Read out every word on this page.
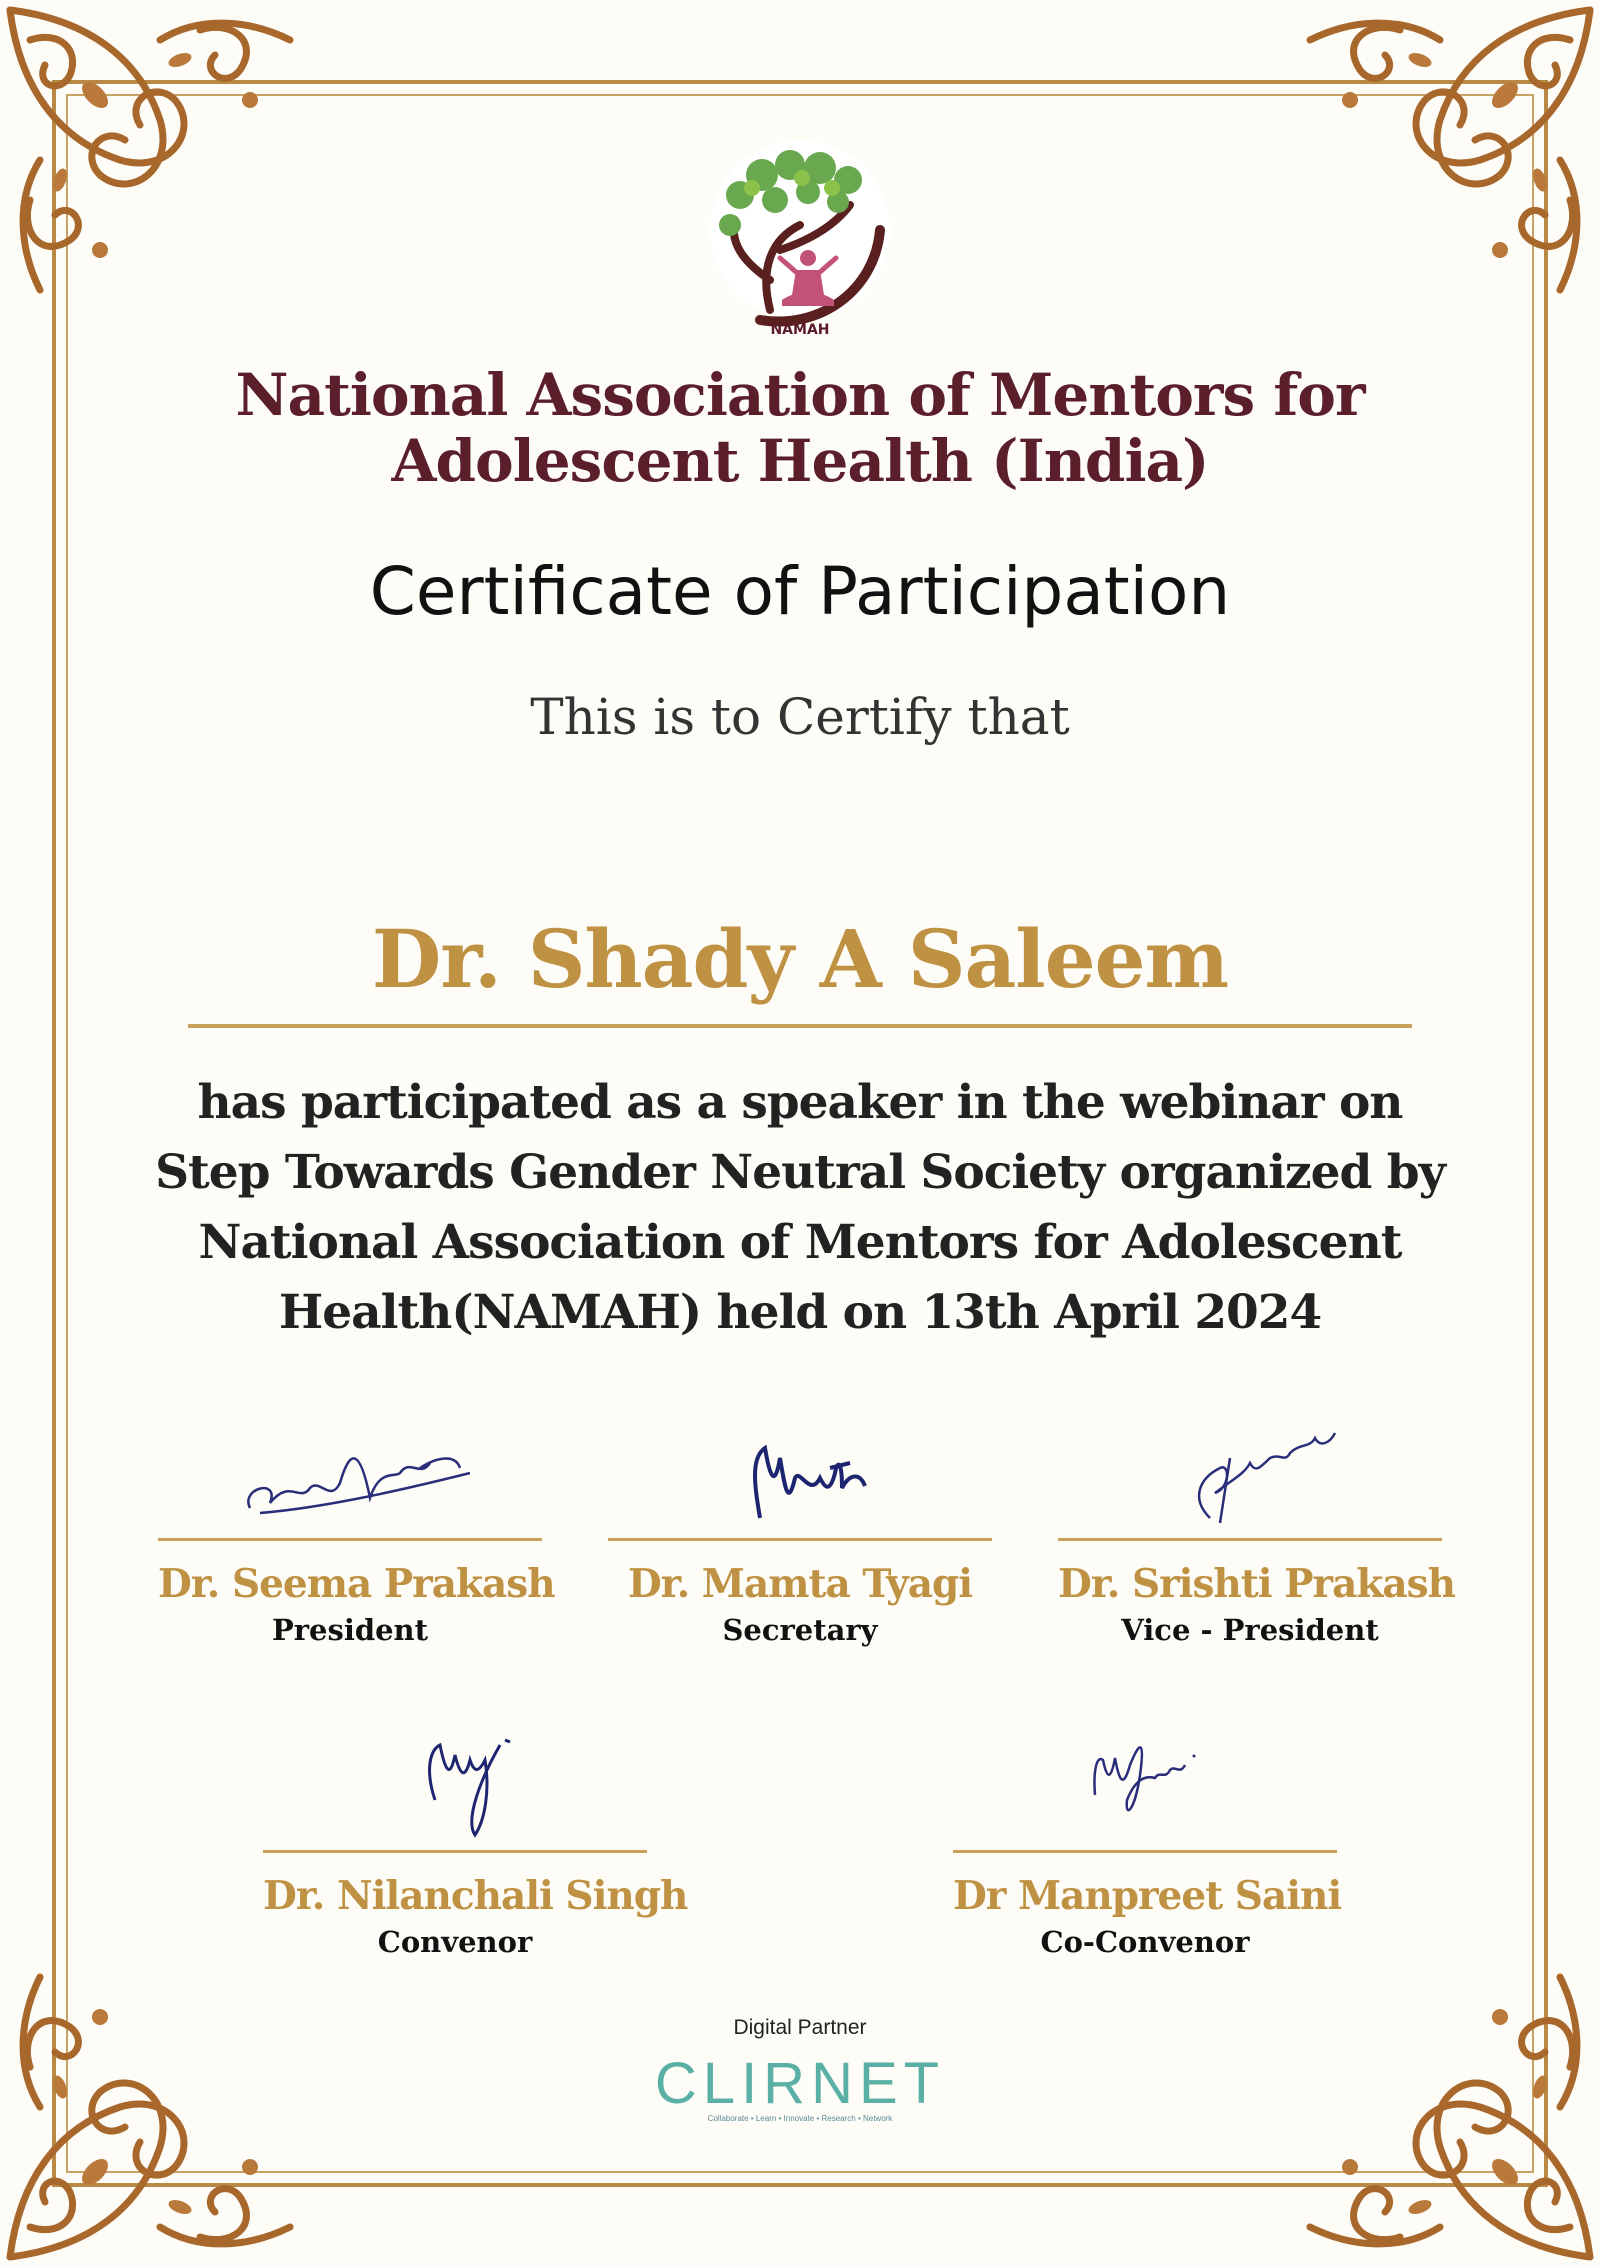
NAMAH
National Association of Mentors for
Adolescent Health (India)
Certificate of Participation
This is to Certify that
Dr. Shady A Saleem
has participated as a speaker in the webinar on
Step Towards Gender Neutral Society organized by
National Association of Mentors for Adolescent
Health(NAMAH) held on 13th April 2024
Dr. Seema Prakash
President
Dr. Mamta Tyagi
Secretary
Dr. Srishti Prakash
Vice - President
Dr. Nilanchali Singh
Convenor
Dr Manpreet Saini
Co-Convenor
Digital Partner
CLIRNET
Collaborate • Learn • Innovate • Research • Network
